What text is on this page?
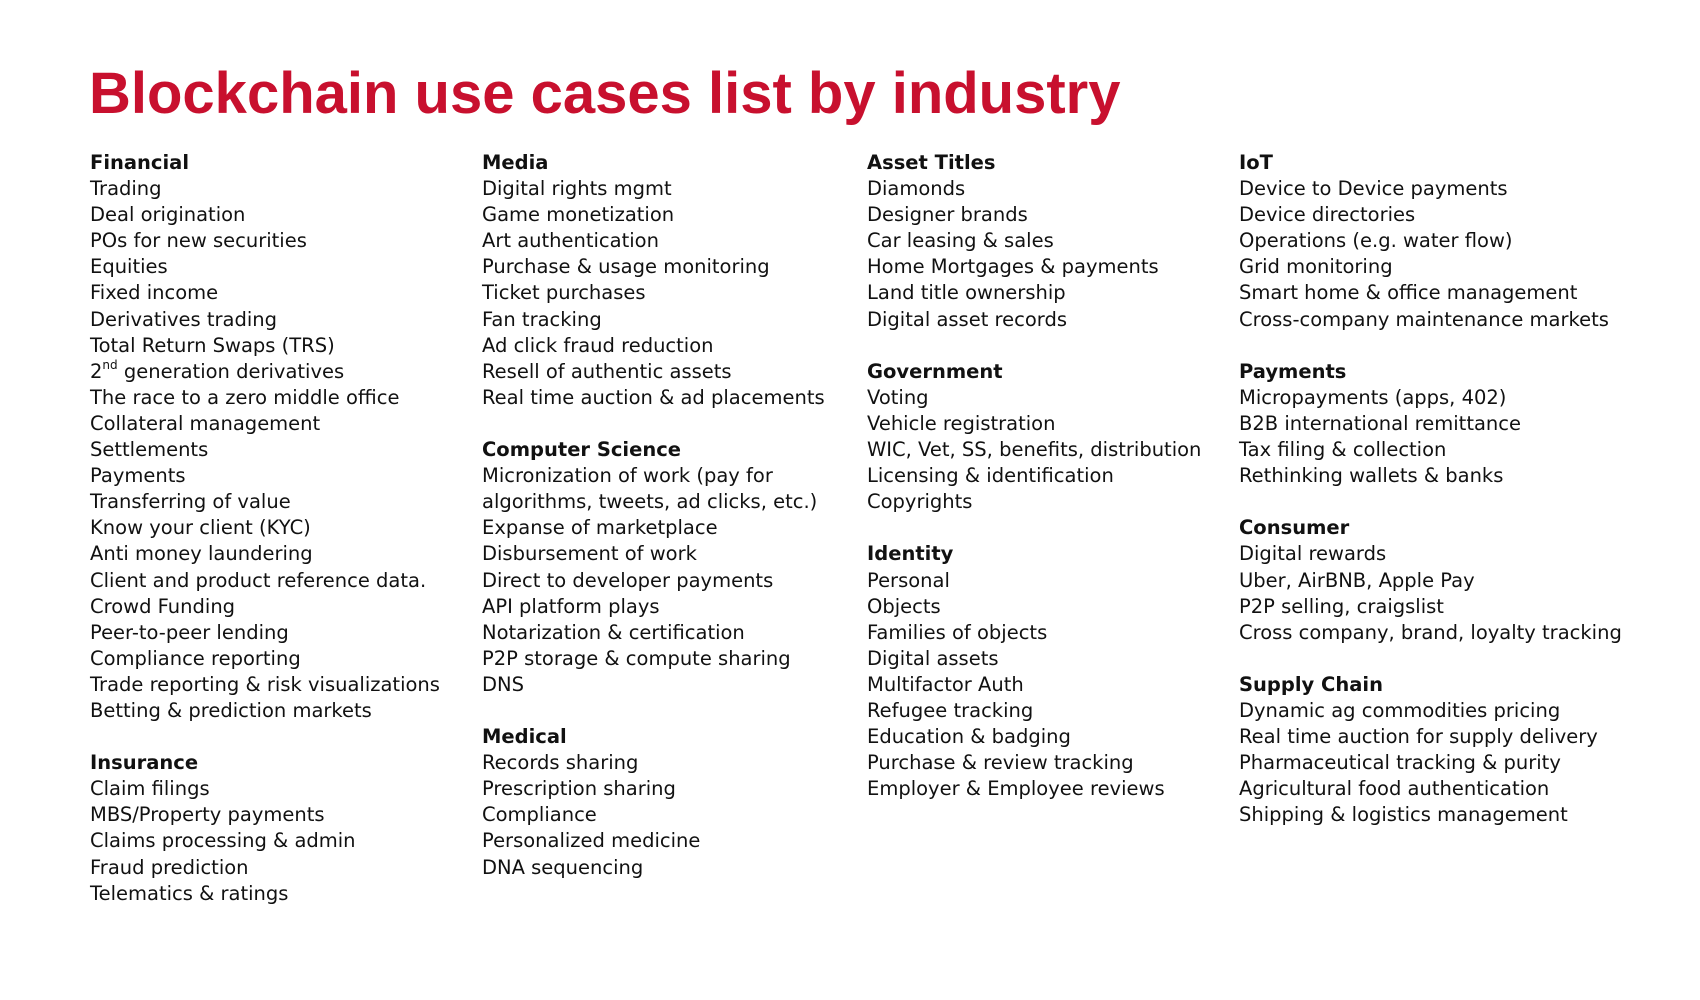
Blockchain use cases list by industry
Financial
Trading
Deal origination
POs for new securities
Equities
Fixed income
Derivatives trading
Total Return Swaps (TRS)
2nd generation derivatives
The race to a zero middle office
Collateral management
Settlements
Payments
Transferring of value
Know your client (KYC)
Anti money laundering
Client and product reference data.
Crowd Funding
Peer-to-peer lending
Compliance reporting
Trade reporting & risk visualizations
Betting & prediction markets
Insurance
Claim filings
MBS/Property payments
Claims processing & admin
Fraud prediction
Telematics & ratings
Media
Digital rights mgmt
Game monetization
Art authentication
Purchase & usage monitoring
Ticket purchases
Fan tracking
Ad click fraud reduction
Resell of authentic assets
Real time auction & ad placements
Computer Science
Micronization of work (pay for
algorithms, tweets, ad clicks, etc.)
Expanse of marketplace
Disbursement of work
Direct to developer payments
API platform plays
Notarization & certification
P2P storage & compute sharing
DNS
Medical
Records sharing
Prescription sharing
Compliance
Personalized medicine
DNA sequencing
Asset Titles
Diamonds
Designer brands
Car leasing & sales
Home Mortgages & payments
Land title ownership
Digital asset records
Government
Voting
Vehicle registration
WIC, Vet, SS, benefits, distribution
Licensing & identification
Copyrights
Identity
Personal
Objects
Families of objects
Digital assets
Multifactor Auth
Refugee tracking
Education & badging
Purchase & review tracking
Employer & Employee reviews
IoT
Device to Device payments
Device directories
Operations (e.g. water flow)
Grid monitoring
Smart home & office management
Cross-company maintenance markets
Payments
Micropayments (apps, 402)
B2B international remittance
Tax filing & collection
Rethinking wallets & banks
Consumer
Digital rewards
Uber, AirBNB, Apple Pay
P2P selling, craigslist
Cross company, brand, loyalty tracking
Supply Chain
Dynamic ag commodities pricing
Real time auction for supply delivery
Pharmaceutical tracking & purity
Agricultural food authentication
Shipping & logistics management
